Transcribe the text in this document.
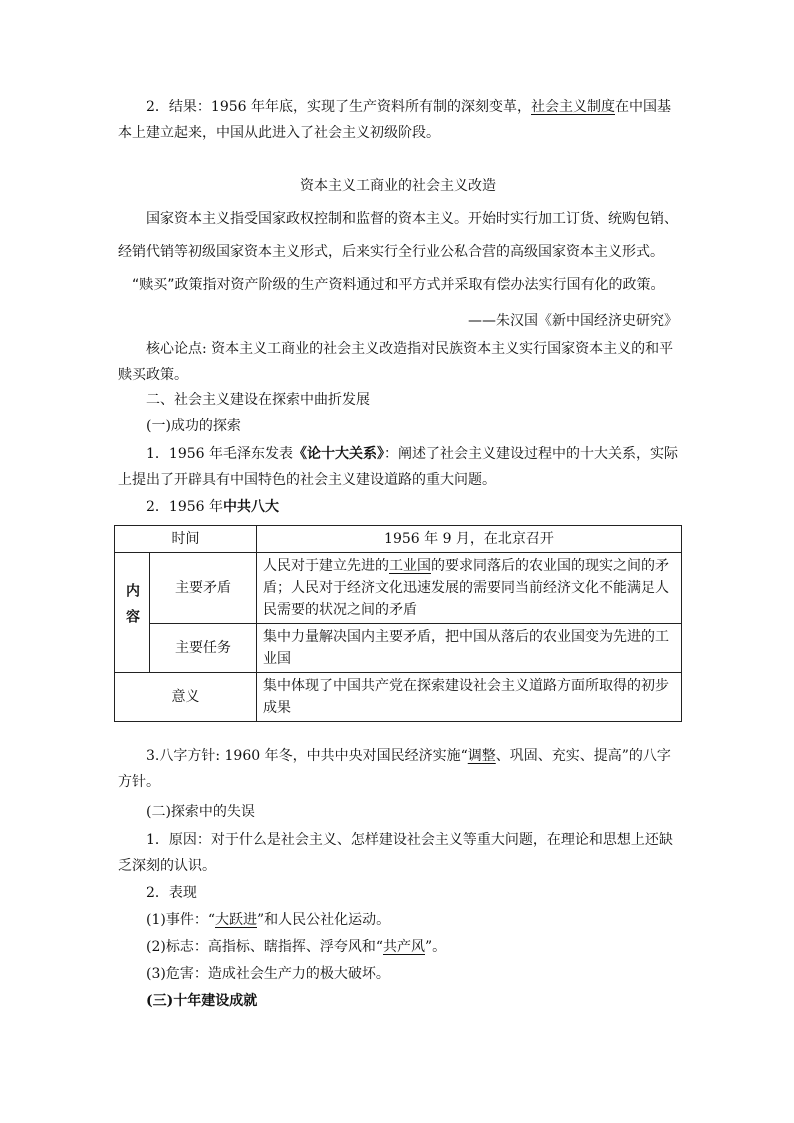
2．结果：1956 年年底，实现了生产资料所有制的深刻变革，社会主义制度在中国基本上建立起来，中国从此进入了社会主义初级阶段。

资本主义工商业的社会主义改造

国家资本主义指受国家政权控制和监督的资本主义。开始时实行加工订货、统购包销、经销代销等初级国家资本主义形式，后来实行全行业公私合营的高级国家资本主义形式。

“赎买”政策指对资产阶级的生产资料通过和平方式并采取有偿办法实行国有化的政策。

——朱汉国《新中国经济史研究》

核心论点: 资本主义工商业的社会主义改造指对民族资本主义实行国家资本主义的和平赎买政策。

二、社会主义建设在探索中曲折发展

(一)成功的探索

1．1956 年毛泽东发表《论十大关系》：阐述了社会主义建设过程中的十大关系，实际上提出了开辟具有中国特色的社会主义建设道路的重大问题。

2．1956 年中共八大

时间		1956 年 9 月，在北京召开
内容	主要矛盾	人民对于建立先进的工业国的要求同落后的农业国的现实之间的矛盾；人民对于经济文化迅速发展的需要同当前经济文化不能满足人民需要的状况之间的矛盾
	主要任务	集中力量解决国内主要矛盾，把中国从落后的农业国变为先进的工业国
意义		集中体现了中国共产党在探索建设社会主义道路方面所取得的初步成果

3.八字方针: 1960 年冬，中共中央对国民经济实施“调整、巩固、充实、提高”的八字方针。

(二)探索中的失误

1．原因：对于什么是社会主义、怎样建设社会主义等重大问题，在理论和思想上还缺乏深刻的认识。

2．表现

(1)事件：“大跃进”和人民公社化运动。

(2)标志：高指标、瞎指挥、浮夸风和“共产风”。

(3)危害：造成社会生产力的极大破坏。

(三)十年建设成就
